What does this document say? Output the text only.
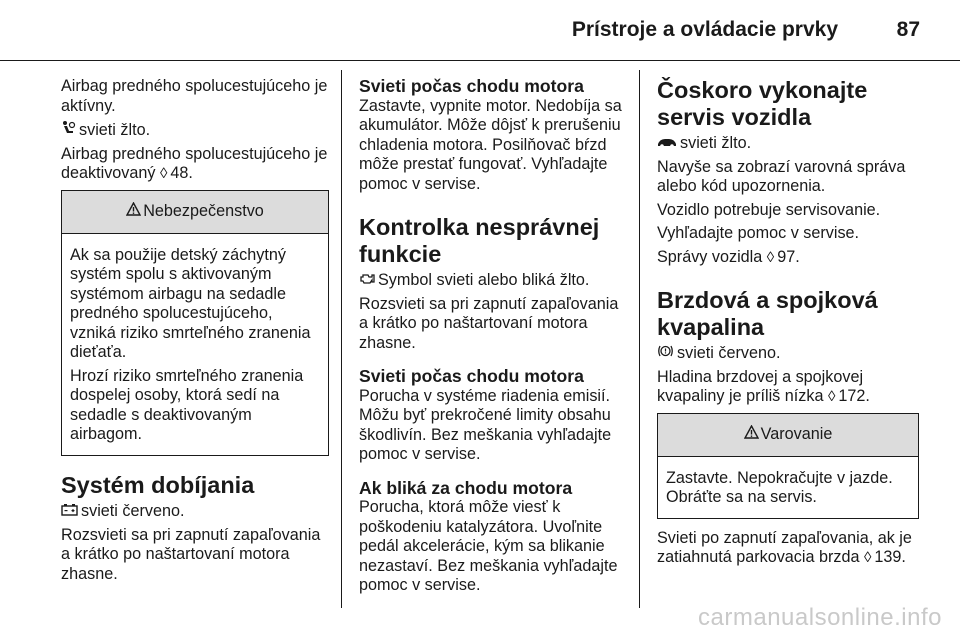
Prístroje a ovládacie prvky	87

Airbag predného spolucestujúceho je aktívny.

svieti žlto.

Airbag predného spolucestujúceho je deaktivovaný ◊ 48.

Nebezpečenstvo

Ak sa použije detský záchytný systém spolu s aktivovaným systémom airbagu na sedadle predného spolucestujúceho, vzniká riziko smrteľného zranenia dieťaťa.

Hrozí riziko smrteľného zranenia dospelej osoby, ktorá sedí na sedadle s deaktivovaným airbagom.

Systém dobíjania

svieti červeno.

Rozsvieti sa pri zapnutí zapaľovania a krátko po naštartovaní motora zhasne.

Svieti počas chodu motora

Zastavte, vypnite motor. Nedobíja sa akumulátor. Môže dôjsť k prerušeniu chladenia motora. Posilňovač bŕzd môže prestať fungovať. Vyhľadajte pomoc v servise.

Kontrolka nesprávnej funkcie

Symbol svieti alebo bliká žlto.

Rozsvieti sa pri zapnutí zapaľovania a krátko po naštartovaní motora zhasne.

Svieti počas chodu motora

Porucha v systéme riadenia emisií. Môžu byť prekročené limity obsahu škodlivín. Bez meškania vyhľadajte pomoc v servise.

Ak bliká za chodu motora

Porucha, ktorá môže viesť k poškodeniu katalyzátora. Uvoľnite pedál akcelerácie, kým sa blikanie nezastaví. Bez meškania vyhľadajte pomoc v servise.

Čoskoro vykonajte servis vozidla

svieti žlto.

Navyše sa zobrazí varovná správa alebo kód upozornenia.

Vozidlo potrebuje servisovanie.

Vyhľadajte pomoc v servise.

Správy vozidla ◊ 97.

Brzdová a spojková kvapalina

svieti červeno.

Hladina brzdovej a spojkovej kvapaliny je príliš nízka ◊ 172.

Varovanie

Zastavte. Nepokračujte v jazde. Obráťte sa na servis.

Svieti po zapnutí zapaľovania, ak je zatiahnutá parkovacia brzda ◊ 139.

carmanualsonline.info
